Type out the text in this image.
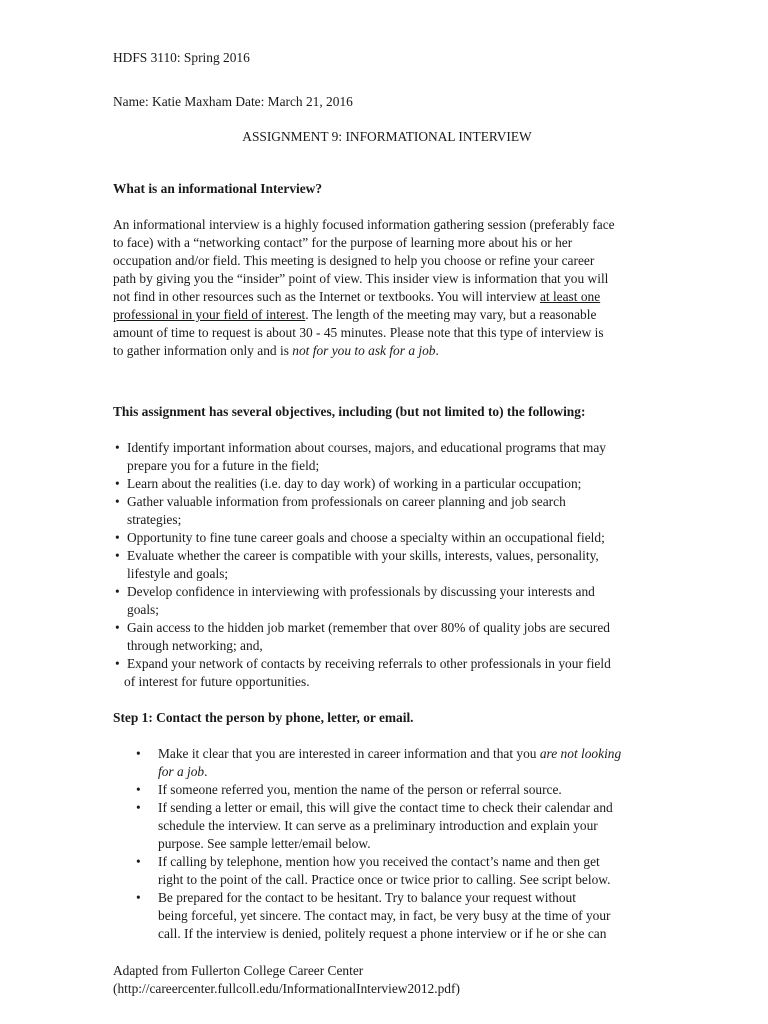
HDFS 3110: Spring 2016
Name: Katie Maxham Date: March 21, 2016
ASSIGNMENT 9: INFORMATIONAL INTERVIEW
What is an informational Interview?
An informational interview is a highly focused information gathering session (preferably face
to face) with a “networking contact” for the purpose of learning more about his or her
occupation and/or field. This meeting is designed to help you choose or refine your career
path by giving you the “insider” point of view. This insider view is information that you will
not find in other resources such as the Internet or textbooks. You will interview at least one
professional in your field of interest. The length of the meeting may vary, but a reasonable
amount of time to request is about 30 - 45 minutes. Please note that this type of interview is
to gather information only and is not for you to ask for a job.
This assignment has several objectives, including (but not limited to) the following:
• Identify important information about courses, majors, and educational programs that may
prepare you for a future in the field;
• Learn about the realities (i.e. day to day work) of working in a particular occupation;
• Gather valuable information from professionals on career planning and job search
strategies;
• Opportunity to fine tune career goals and choose a specialty within an occupational field;
• Evaluate whether the career is compatible with your skills, interests, values, personality,
lifestyle and goals;
• Develop confidence in interviewing with professionals by discussing your interests and
goals;
• Gain access to the hidden job market (remember that over 80% of quality jobs are secured
through networking; and,
• Expand your network of contacts by receiving referrals to other professionals in your field
of interest for future opportunities.
Step 1: Contact the person by phone, letter, or email.
• Make it clear that you are interested in career information and that you are not looking
for a job.
• If someone referred you, mention the name of the person or referral source.
• If sending a letter or email, this will give the contact time to check their calendar and
schedule the interview. It can serve as a preliminary introduction and explain your
purpose. See sample letter/email below.
• If calling by telephone, mention how you received the contact’s name and then get
right to the point of the call. Practice once or twice prior to calling. See script below.
• Be prepared for the contact to be hesitant. Try to balance your request without
being forceful, yet sincere. The contact may, in fact, be very busy at the time of your
call. If the interview is denied, politely request a phone interview or if he or she can
Adapted from Fullerton College Career Center
(http://careercenter.fullcoll.edu/InformationalInterview2012.pdf)
